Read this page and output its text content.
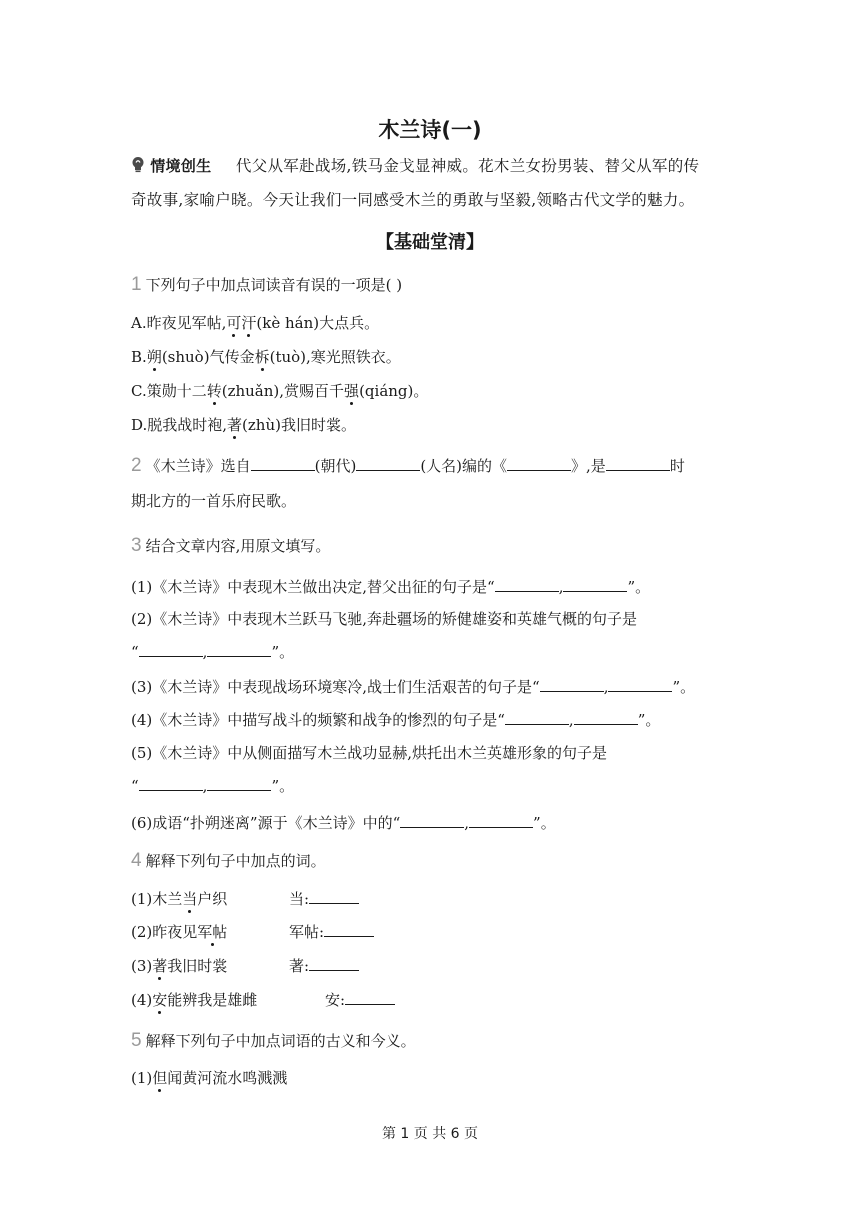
木兰诗(一)
情境创生 代父从军赴战场,铁马金戈显神威。花木兰女扮男装、替父从军的传
奇故事,家喻户晓。今天让我们一同感受木兰的勇敢与坚毅,领略古代文学的魅力。
【基础堂清】
1 下列句子中加点词读音有误的一项是( )
A.昨夜见军帖,可汗(kè hán)大点兵。
B.朔(shuò)气传金柝(tuò),寒光照铁衣。
C.策勋十二转(zhuǎn),赏赐百千强(qiáng)。
D.脱我战时袍,著(zhù)我旧时裳。
2 《木兰诗》选自	(朝代)	(人名)编的《	》,是	时
期北方的一首乐府民歌。
3 结合文章内容,用原文填写。
(1)《木兰诗》中表现木兰做出决定,替父出征的句子是“	,	”。
(2)《木兰诗》中表现木兰跃马飞驰,奔赴疆场的矫健雄姿和英雄气概的句子是
“	,	”。
(3)《木兰诗》中表现战场环境寒冷,战士们生活艰苦的句子是“	,	”。
(4)《木兰诗》中描写战斗的频繁和战争的惨烈的句子是“	,	”。
(5)《木兰诗》中从侧面描写木兰战功显赫,烘托出木兰英雄形象的句子是
“	,	”。
(6)成语“扑朔迷离”源于《木兰诗》中的“	,	”。
4 解释下列句子中加点的词。
(1)木兰当户织	当:
(2)昨夜见军帖	军帖:
(3)著我旧时裳	著:
(4)安能辨我是雄雌	安:
5 解释下列句子中加点词语的古义和今义。
(1)但闻黄河流水鸣溅溅
第 1 页 共 6 页
